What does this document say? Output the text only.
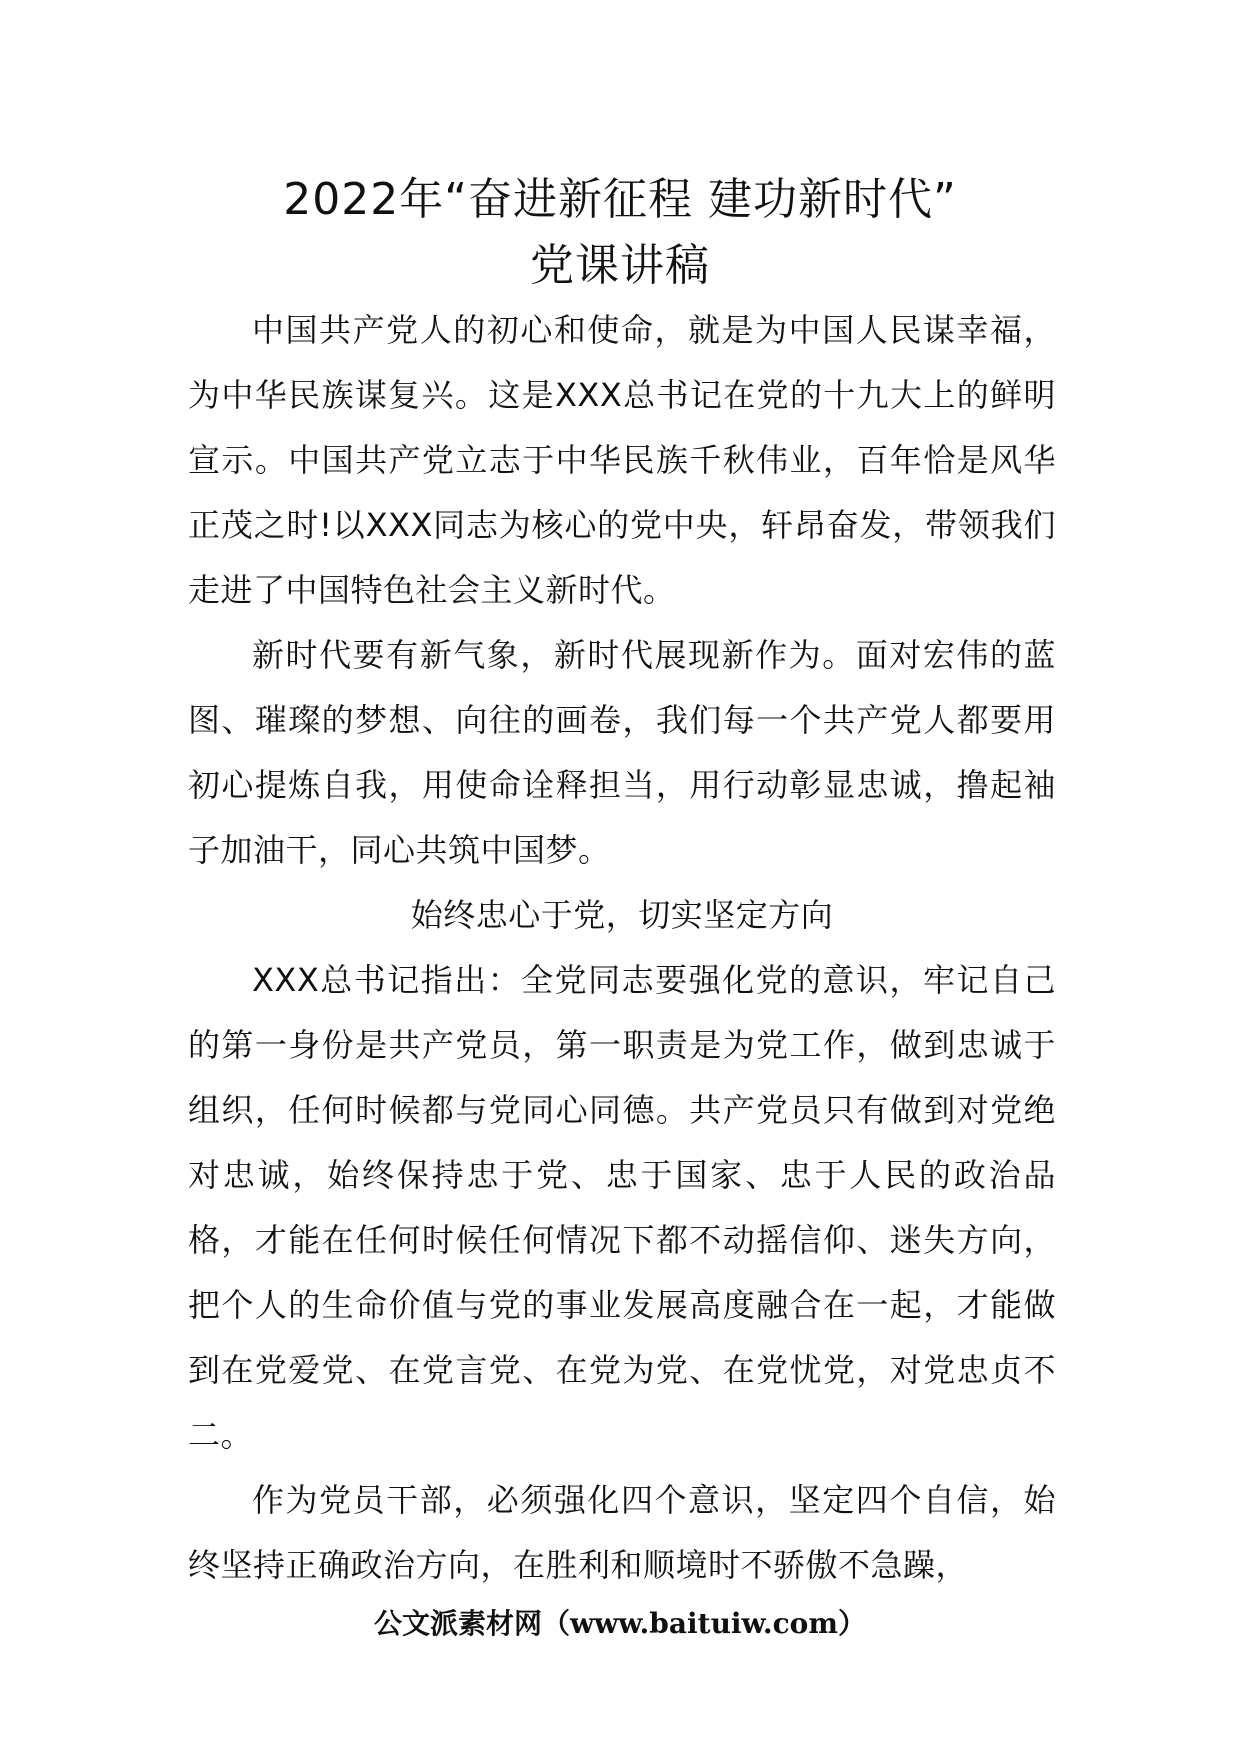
2022年“奋进新征程 建功新时代”
党课讲稿

中国共产党人的初心和使命，就是为中国人民谋幸福，为中华民族谋复兴。这是XXX总书记在党的十九大上的鲜明宣示。中国共产党立志于中华民族千秋伟业，百年恰是风华正茂之时!以XXX同志为核心的党中央，轩昂奋发，带领我们走进了中国特色社会主义新时代。

新时代要有新气象，新时代展现新作为。面对宏伟的蓝图、璀璨的梦想、向往的画卷，我们每一个共产党人都要用初心提炼自我，用使命诠释担当，用行动彰显忠诚，撸起袖子加油干，同心共筑中国梦。

始终忠心于党，切实坚定方向

XXX总书记指出：全党同志要强化党的意识，牢记自己的第一身份是共产党员，第一职责是为党工作，做到忠诚于组织，任何时候都与党同心同德。共产党员只有做到对党绝对忠诚，始终保持忠于党、忠于国家、忠于人民的政治品格，才能在任何时候任何情况下都不动摇信仰、迷失方向，把个人的生命价值与党的事业发展高度融合在一起，才能做到在党爱党、在党言党、在党为党、在党忧党，对党忠贞不二。

作为党员干部，必须强化四个意识，坚定四个自信，始终坚持正确政治方向，在胜利和顺境时不骄傲不急躁，

公文派素材网（www.baituiw.com）
